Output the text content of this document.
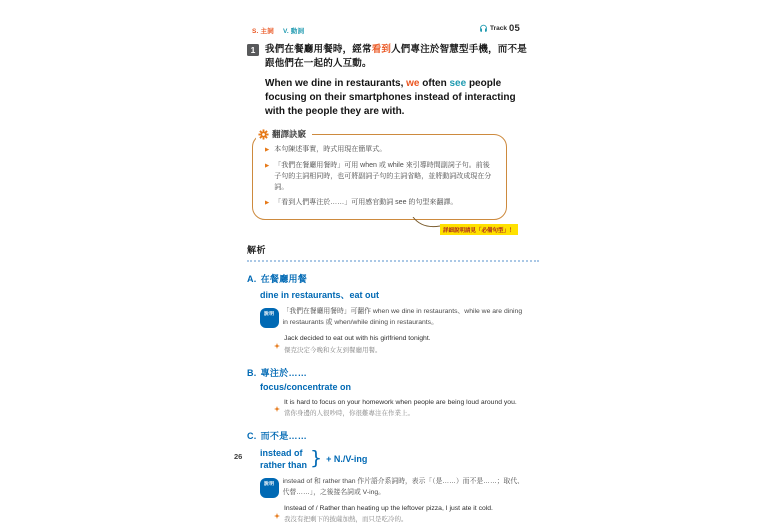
S. 主詞 V. 動詞	Track 05
1	我們在餐廳用餐時，經常看到人們專注於智慧型手機，而不是跟他們在一起的人互動。
When we dine in restaurants, we often see people focusing on their smartphones instead of interacting with the people they are with.
翻譯訣竅
▶ 本句陳述事實，時式用現在簡單式。
▶ 「我們在餐廳用餐時」可用 when 或 while 來引導時間副詞子句。前後子句的主詞相同時，也可將副詞子句的主詞省略，並將動詞改成現在分詞。
▶ 「看到人們專注於……」可用感官動詞 see 的句型來翻譯。
詳細說明請見「必備句型」！
解析
A. 在餐廳用餐
dine in restaurants、eat out
說明	「我們在餐廳用餐時」可翻作 when we dine in restaurants、while we are dining in restaurants 或 when/while dining in restaurants。
Jack decided to eat out with his girlfriend tonight.
傑克決定今晚和女友到餐廳用餐。
B. 專注於……
focus/concentrate on
It is hard to focus on your homework when people are being loud around you.
當你身邊的人很吵時，你很難專注在作業上。
C. 而不是……
instead of
rather than } + N./V-ing
說明	instead of 和 rather than 作片語介系詞時，表示「（是……）而不是……；取代、代替……」，之後接名詞或 V-ing。
Instead of / Rather than heating up the leftover pizza, I just ate it cold.
我沒有把剩下的披薩加熱，而只是吃冷的。
26
